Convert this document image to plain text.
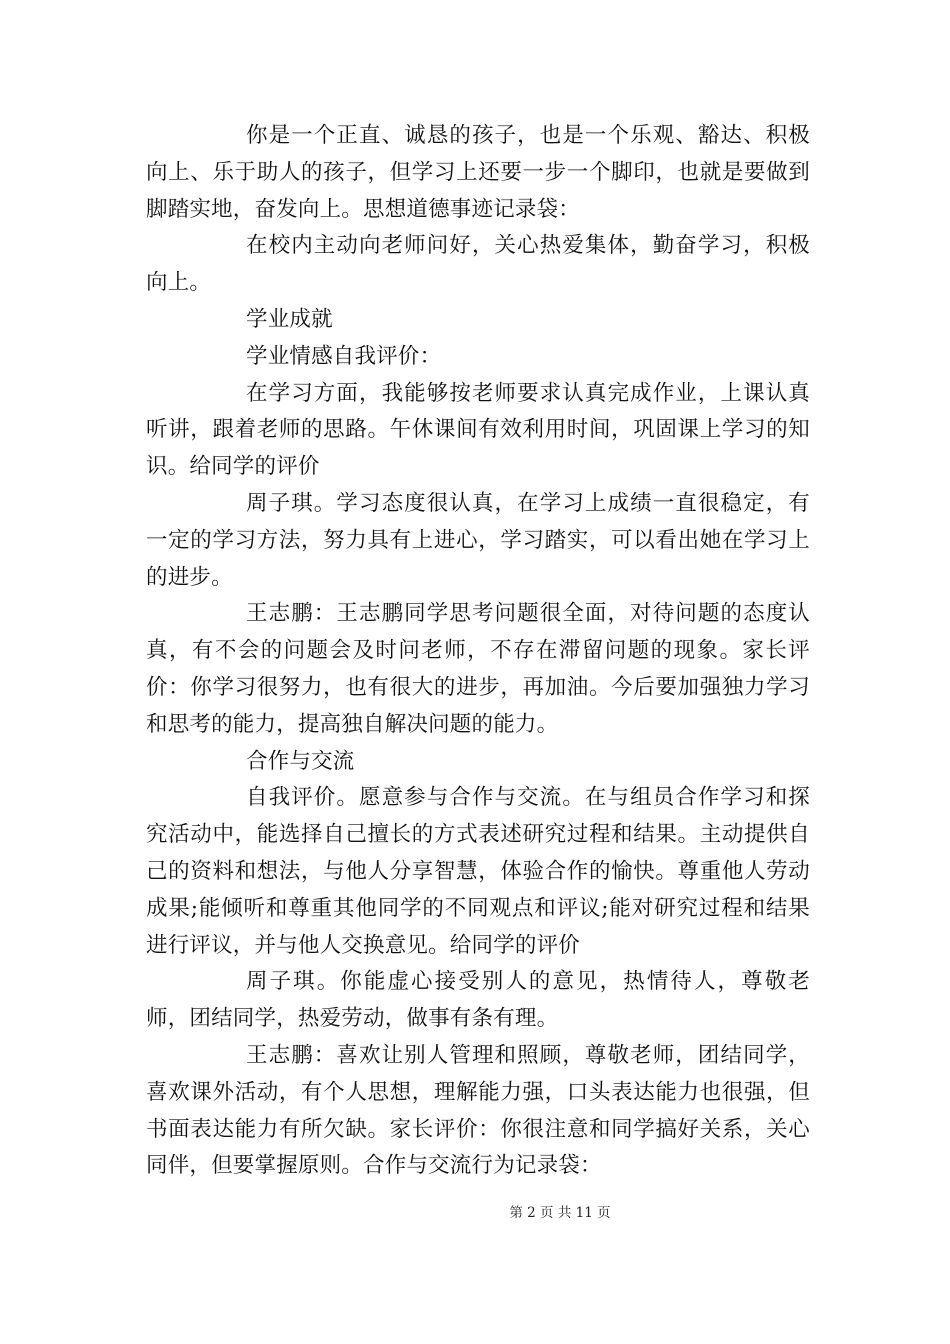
你是一个正直、诚恳的孩子，也是一个乐观、豁达、积极向上、乐于助人的孩子，但学习上还要一步一个脚印，也就是要做到脚踏实地，奋发向上。思想道德事迹记录袋：

在校内主动向老师问好，关心热爱集体，勤奋学习，积极向上。

学业成就

学业情感自我评价：

在学习方面，我能够按老师要求认真完成作业，上课认真听讲，跟着老师的思路。午休课间有效利用时间，巩固课上学习的知识。给同学的评价

周子琪。学习态度很认真，在学习上成绩一直很稳定，有一定的学习方法，努力具有上进心，学习踏实，可以看出她在学习上的进步。

王志鹏：王志鹏同学思考问题很全面，对待问题的态度认真，有不会的问题会及时问老师，不存在滞留问题的现象。家长评价：你学习很努力，也有很大的进步，再加油。今后要加强独力学习和思考的能力，提高独自解决问题的能力。

合作与交流

自我评价。愿意参与合作与交流。在与组员合作学习和探究活动中，能选择自己擅长的方式表述研究过程和结果。主动提供自己的资料和想法，与他人分享智慧，体验合作的愉快。尊重他人劳动成果;能倾听和尊重其他同学的不同观点和评议;能对研究过程和结果进行评议，并与他人交换意见。给同学的评价

周子琪。你能虚心接受别人的意见，热情待人，尊敬老师，团结同学，热爱劳动，做事有条有理。

王志鹏：喜欢让别人管理和照顾，尊敬老师，团结同学，喜欢课外活动，有个人思想，理解能力强，口头表达能力也很强，但书面表达能力有所欠缺。家长评价：你很注意和同学搞好关系，关心同伴，但要掌握原则。合作与交流行为记录袋：

第 2 页 共 11 页
